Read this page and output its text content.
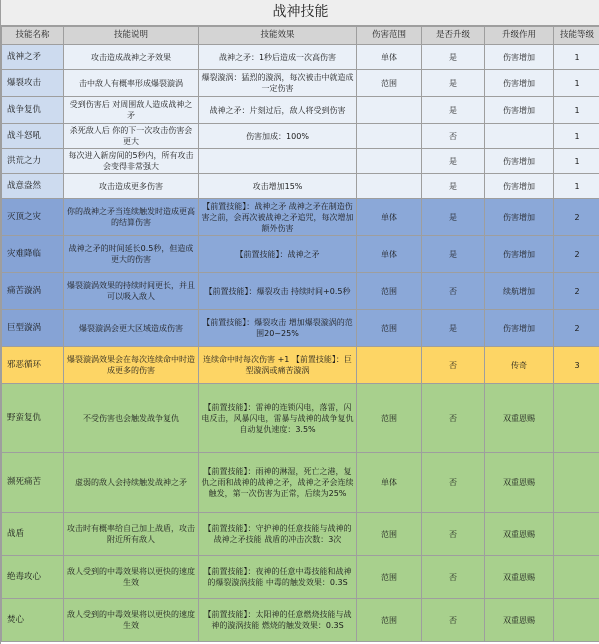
战神技能
技能名称	技能说明	技能效果	伤害范围	是否升级	升级作用	技能等级
战神之矛	攻击造成战神之矛效果	战神之矛：1秒后造成一次高伤害	单体	是	伤害增加	1
爆裂攻击	击中敌人有概率形成爆裂漩涡	爆裂漩涡：猛烈的漩涡，每次被击中就造成一定伤害	范围	是	伤害增加	1
战争复仇	受到伤害后 对周围敌人造成战神之矛	战神之矛：片刻过后，敌人将受到伤害		是	伤害增加	1
战斗怒吼	杀死敌人后 你的下一次攻击伤害会更大	伤害加成：100%		否		1
洪荒之力	每次进入新房间的5秒内，所有攻击会变得非常强大			是	伤害增加	1
战意盎然	攻击造成更多伤害	攻击增加15%		是	伤害增加	1
灭顶之灾	你的战神之矛当连续触发时造成更高的结算伤害	【前置技能】：战神之矛 战神之矛在制造伤害之前，会再次被战神之矛追咒，每次增加额外伤害	单体	是	伤害增加	2
灾难降临	战神之矛的时间延长0.5秒，但造成更大的伤害	【前置技能】：战神之矛	单体	是	伤害增加	2
痛苦漩涡	爆裂漩涡效果的持续时间更长，并且可以吸入敌人	【前置技能】：爆裂攻击 持续时间+0.5秒	范围	否	续航增加	2
巨型漩涡	爆裂漩涡会更大区域造成伤害	【前置技能】：爆裂攻击 增加爆裂漩涡的范围20~25%	范围	是	伤害增加	2
邪恶循环	爆裂漩涡效果会在每次连续命中时造成更多的伤害	连续命中时每次伤害 +1 【前置技能】：巨型漩涡或痛苦漩涡		否	传奇	3
野蛮复仇	不受伤害也会触发战争复仇	【前置技能】：雷神的连锁闪电，落雷，闪电反击，风暴闪电，雷暴与战神的战争复仇 自动复仇速度：3.5%	范围	否	双重恩赐	
濒死痛苦	虚弱的敌人会持续触发战神之矛	【前置技能】：雨神的淋湿，死亡之港，复仇之雨和战神的战神之矛，战神之矛会连续触发，第一次伤害为正常，后续为25%	单体	否	双重恩赐	
战盾	攻击时有概率给自己加上战盾，攻击附近所有敌人	【前置技能】：守护神的任意技能与战神的战神之矛技能 战盾的冲击次数：3次	范围	否	双重恩赐	
绝毒攻心	敌人受到的中毒效果将以更快的速度生效	【前置技能】：夜神的任意中毒技能和战神的爆裂漩涡技能 中毒的触发效果：0.3S	范围	否	双重恩赐	
焚心	敌人受到的中毒效果将以更快的速度生效	【前置技能】：太阳神的任意燃烧技能与战神的漩涡技能 燃烧的触发效果：0.3S	范围	否	双重恩赐	
